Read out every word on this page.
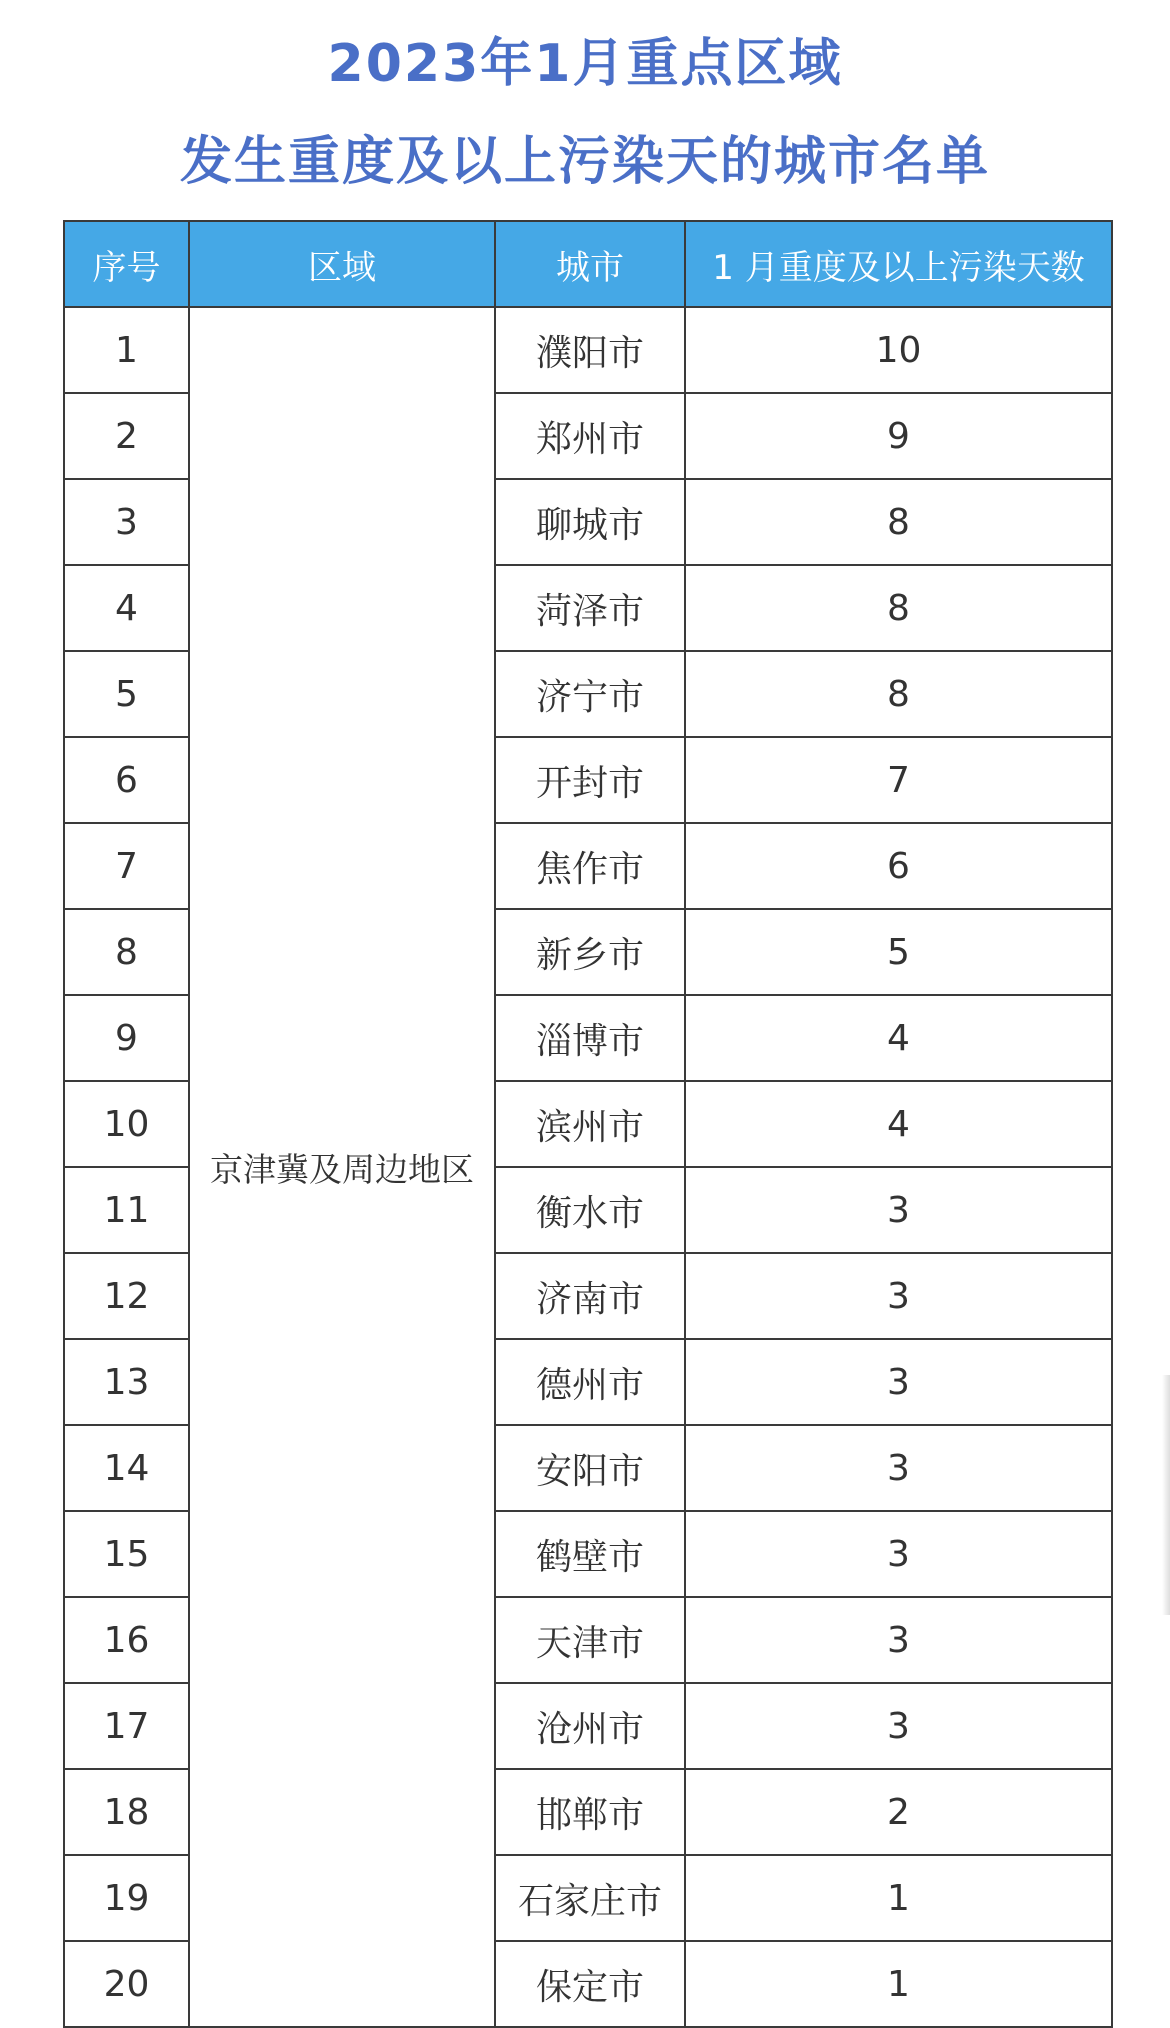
2023年1月重点区域
发生重度及以上污染天的城市名单
序号	区域	城市	1 月重度及以上污染天数
1	京津冀及周边地区	濮阳市	10
2		郑州市	9
3		聊城市	8
4		菏泽市	8
5		济宁市	8
6		开封市	7
7		焦作市	6
8		新乡市	5
9		淄博市	4
10		滨州市	4
11		衡水市	3
12		济南市	3
13		德州市	3
14		安阳市	3
15		鹤壁市	3
16		天津市	3
17		沧州市	3
18		邯郸市	2
19		石家庄市	1
20		保定市	1
